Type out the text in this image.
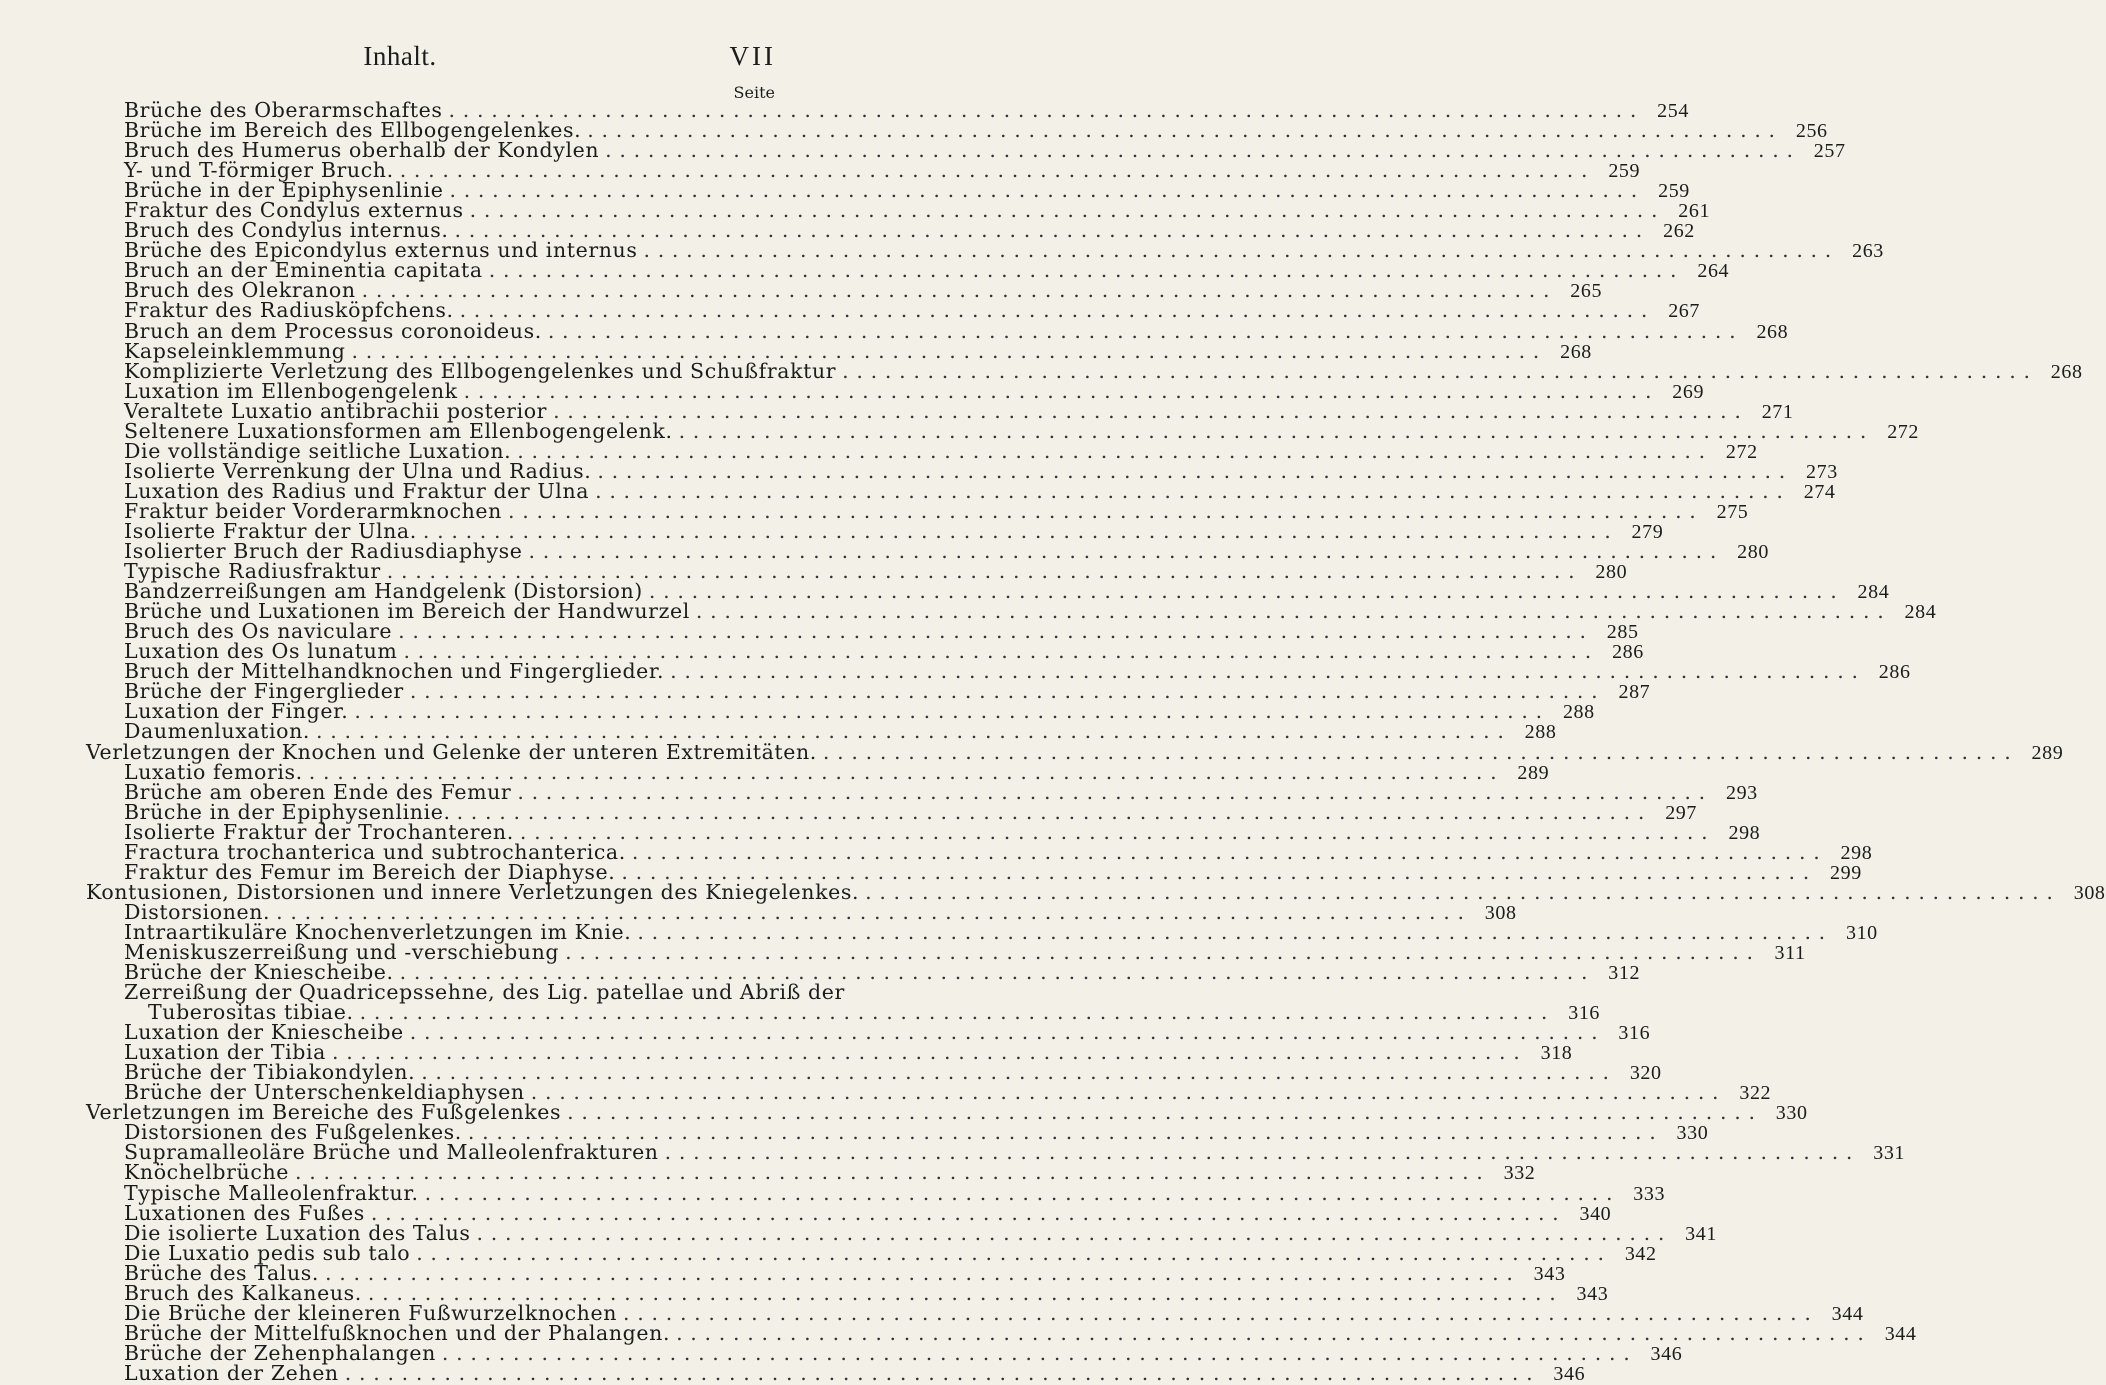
Inhalt.	VII
Seite
Brüche des Oberarmschaftes . . .	254
Brüche im Bereich des Ellbogengelenkes. . . .	256
Bruch des Humerus oberhalb der Kondylen . . .	257
Y- und T-förmiger Bruch. . . .	259
Brüche in der Epiphysenlinie . . .	259
Fraktur des Condylus externus . . .	261
Bruch des Condylus internus. . . .	262
Brüche des Epicondylus externus und internus . . .	263
Bruch an der Eminentia capitata . . .	264
Bruch des Olekranon . . .	265
Fraktur des Radiusköpfchens. . . .	267
Bruch an dem Processus coronoideus. . . .	268
Kapseleinklemmung . . .	268
Komplizierte Verletzung des Ellbogengelenkes und Schußfraktur . . .	268
Luxation im Ellenbogengelenk . . .	269
Veraltete Luxatio antibrachii posterior . . .	271
Seltenere Luxationsformen am Ellenbogengelenk. . . .	272
Die vollständige seitliche Luxation. . . .	272
Isolierte Verrenkung der Ulna und Radius. . . .	273
Luxation des Radius und Fraktur der Ulna . . .	274
Fraktur beider Vorderarmknochen . . .	275
Isolierte Fraktur der Ulna. . . .	279
Isolierter Bruch der Radiusdiaphyse . . .	280
Typische Radiusfraktur . . .	280
Bandzerreißungen am Handgelenk (Distorsion) . . .	284
Brüche und Luxationen im Bereich der Handwurzel . . .	284
Bruch des Os naviculare . . .	285
Luxation des Os lunatum . . .	286
Bruch der Mittelhandknochen und Fingerglieder. . . .	286
Brüche der Fingerglieder . . .	287
Luxation der Finger. . . .	288
Daumenluxation. . . .	288
Verletzungen der Knochen und Gelenke der unteren Extremitäten. . . .	289
Luxatio femoris. . . .	289
Brüche am oberen Ende des Femur . . .	293
Brüche in der Epiphysenlinie. . . .	297
Isolierte Fraktur der Trochanteren. . . .	298
Fractura trochanterica und subtrochanterica. . . .	298
Fraktur des Femur im Bereich der Diaphyse. . . .	299
Kontusionen, Distorsionen und innere Verletzungen des Kniegelenkes. . . .	308
Distorsionen. . . .	308
Intraartikuläre Knochenverletzungen im Knie. . . .	310
Meniskuszerreißung und -verschiebung . . .	311
Brüche der Kniescheibe. . . .	312
Zerreißung der Quadricepssehne, des Lig. patellae und Abriß der
Tuberositas tibiae. . . .	316
Luxation der Kniescheibe . . .	316
Luxation der Tibia . . .	318
Brüche der Tibiakondylen. . . .	320
Brüche der Unterschenkeldiaphysen . . .	322
Verletzungen im Bereiche des Fußgelenkes . . .	330
Distorsionen des Fußgelenkes. . . .	330
Supramalleoläre Brüche und Malleolenfrakturen . . .	331
Knöchelbrüche . . .	332
Typische Malleolenfraktur. . . .	333
Luxationen des Fußes . . .	340
Die isolierte Luxation des Talus . . .	341
Die Luxatio pedis sub talo . . .	342
Brüche des Talus. . . .	343
Bruch des Kalkaneus. . . .	343
Die Brüche der kleineren Fußwurzelknochen . . .	344
Brüche der Mittelfußknochen und der Phalangen. . . .	344
Brüche der Zehenphalangen . . .	346
Luxation der Zehen . . .	346
